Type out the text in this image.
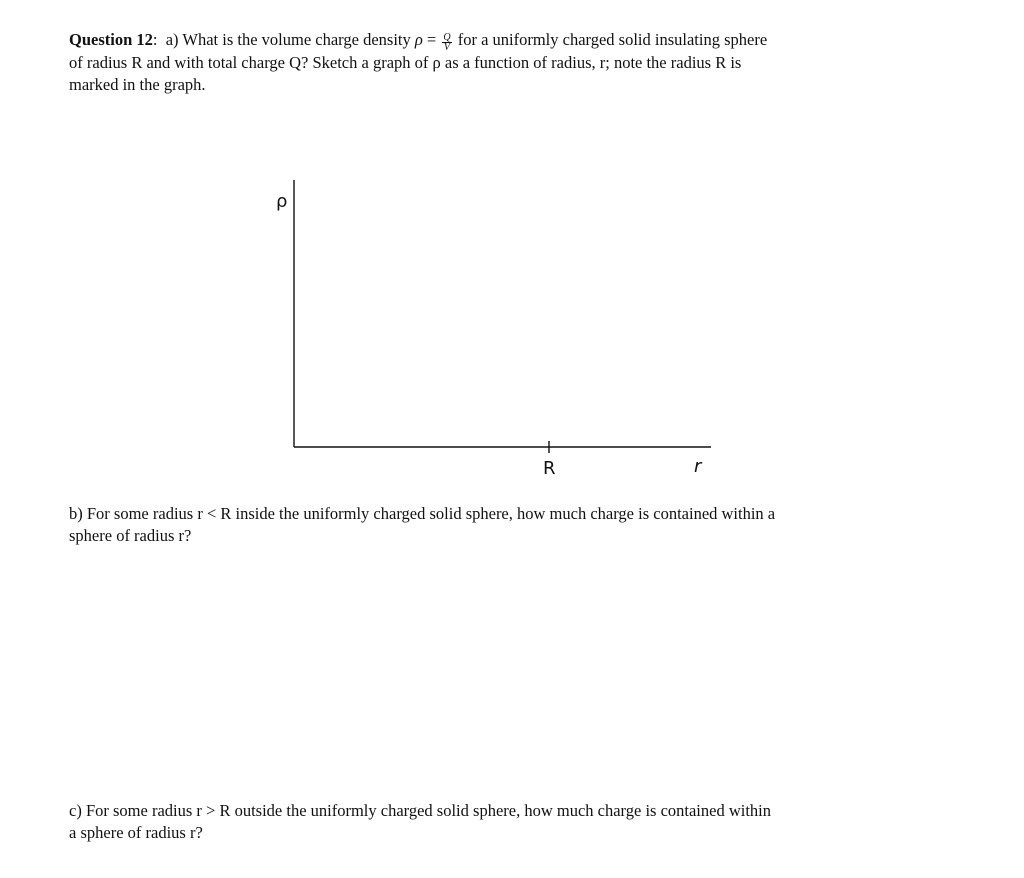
Question 12:  a) What is the volume charge density $\rho = \frac{Q}{V}$ for a uniformly charged solid insulating sphere
of radius R and with total charge Q? Sketch a graph of ρ as a function of radius, r; note the radius R is
marked in the graph.
ρ
R	r
b) For some radius r < R inside the uniformly charged solid sphere, how much charge is contained within a
sphere of radius r?
c) For some radius r > R outside the uniformly charged solid sphere, how much charge is contained within
a sphere of radius r?
